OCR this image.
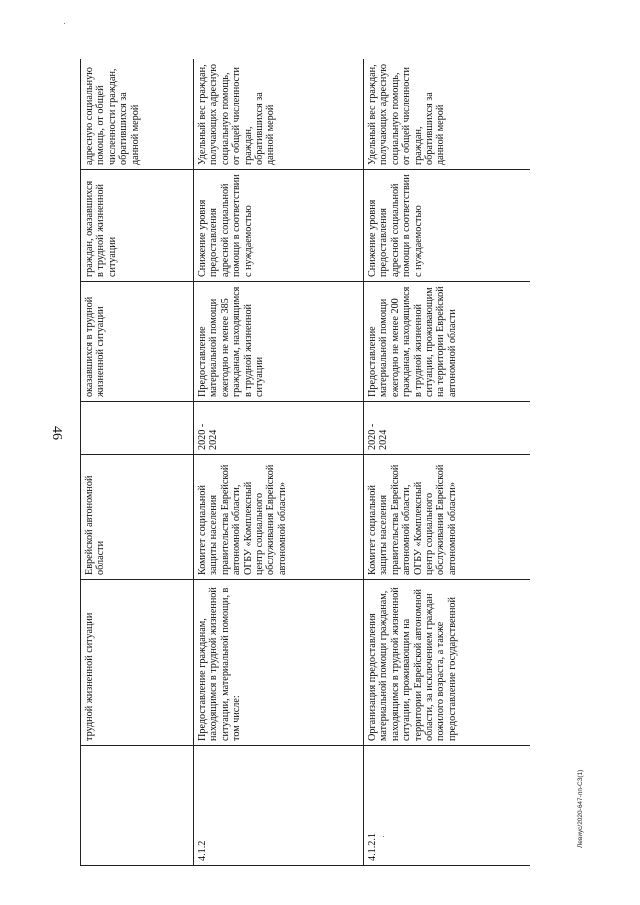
46
Левиус/2020-647-пп-С3(1)
	трудной жизненной ситуации	Еврейской автономной области		оказавшихся в трудной жизненной ситуации	граждан, оказавшихся в трудной жизненной ситуации	адресную социальную помощь, от общей численности граждан, обратившихся за данной мерой
4.1.2	Предоставление гражданам, находящимся в трудной жизненной ситуации, материальной помощи, в том числе:	Комитет социальной защиты населения правительства Еврейской автономной области, ОГБУ «Комплексный центр социального обслуживания Еврейской автономной области»	2020 - 2024	Предоставление материальной помощи ежегодно не менее 385 гражданам, находящимся в трудной жизненной ситуации	Снижение уровня предоставления адресной социальной помощи в соответствии с нуждаемостью	Удельный вес граждан, получающих адресную социальную помощь, от общей численности граждан, обратившихся за данной мерой
4.1.2.1	Организация предоставления материальной помощи гражданам, находящимся в трудной жизненной ситуации, проживающим на территории Еврейской автономной области, за исключением граждан пожилого возраста, а также предоставление государственной	Комитет социальной защиты населения правительства Еврейской автономной области, ОГБУ «Комплексный центр социального обслуживания Еврейской автономной области»	2020 - 2024	Предоставление материальной помощи ежегодно не менее 200 гражданам, находящимся в трудной жизненной ситуации, проживающим на территории Еврейской автономной области	Снижение уровня предоставления адресной социальной помощи в соответствии с нуждаемостью	Удельный вес граждан, получающих адресную социальную помощь, от общей численности граждан, обратившихся за данной мерой
